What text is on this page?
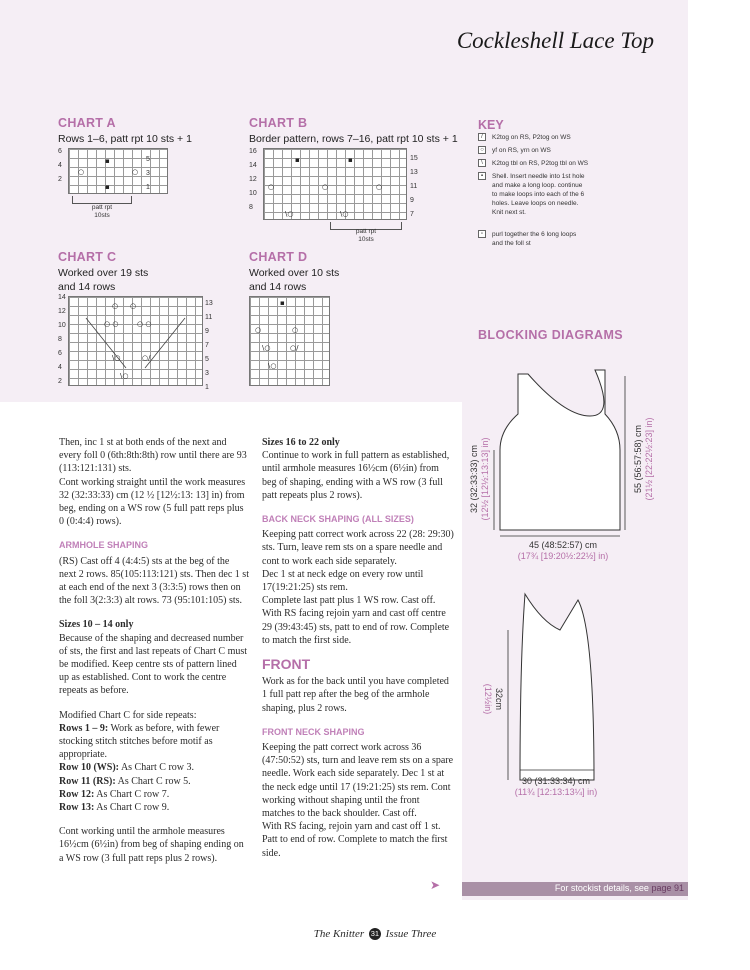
Cockleshell Lace Top
CHART A
Rows 1–6, patt rpt 10 sts + 1
6
4
2
5
3
1
○
▪
▪
○
patt rpt
10sts
CHART B
Border pattern, rows 7–16, patt rpt 10 sts + 1
16
14
12
10
8
15
13
11
9
7
▪	▪
○	○	○
\○	\○
patt rpt
10sts
CHART C
Worked over 19 sts
and 14 rows
14
12
10
8
6
4
2
13
11
9
7
5
3
1
○ ○
○ ○	○ ○
\○	○/
\○
CHART D
Worked over 10 sts
and 14 rows
▪
○	○
\○	○/
\○
KEY
/	K2tog on RS, P2tog on WS
○	yf on RS, yrn on WS
\	K2tog tbl on RS, P2tog tbl on WS
▪	Shell. Insert needle into 1st hole and make a long loop. continue to make loops into each of the 6 holes. Leave loops on needle. Knit next st.
▫	purl together the 6 long loops and the foll st
BLOCKING DIAGRAMS
32 (32:33:33) cm
(12½ [12½:13:13] in)	55 (56:57:58) cm
(21½ [22:22½:23] in)
45 (48:52:57) cm
(17¾ [19:20½:22½] in)
32cm
(12½in)
30 (31:33:34) cm
(11¾ [12:13:13¼] in)

Then, inc 1 st at both ends of the next and every foll 0 (6th:8th:8th) row until there are 93 (113:121:131) sts.

Cont working straight until the work measures 32 (32:33:33) cm (12 ½ [12½:13: 13] in) from beg, ending on a WS row (5 full patt reps plus 0 (0:4:4) rows).

ARMHOLE SHAPING

(RS) Cast off 4 (4:4:5) sts at the beg of the next 2 rows. 85(105:113:121) sts. Then dec 1 st at each end of the next 3 (3:3:5) rows then on the foll 3(2:3:3) alt rows. 73 (95:101:105) sts.

Sizes 10 – 14 only

Because of the shaping and decreased number of sts, the first and last repeats of Chart C must be modified. Keep centre sts of pattern lined up as established. Cont to work the centre repeats as before.

Modified Chart C for side repeats:
Rows 1 – 9: Work as before, with fewer stocking stitch stitches before motif as appropriate.
Row 10 (WS): As Chart C row 3.
Row 11 (RS): As Chart C row 5.
Row 12: As Chart C row 7.

Row 13: As Chart C row 9.

Cont working until the armhole measures 16½cm (6½in) from beg of shaping ending on a WS row (3 full patt reps plus 2 rows).

Sizes 16 to 22 only

Continue to work in full pattern as established, until armhole measures 16½cm (6½in) from beg of shaping, ending with a WS row (3 full patt repeats plus 2 rows).

BACK NECK SHAPING (ALL SIZES)
Keeping patt correct work across 22 (28: 29:30) sts. Turn, leave rem sts on a spare needle and cont to work each side separately.
Dec 1 st at neck edge on every row until 17(19:21:25) sts rem.

Complete last patt plus 1 WS row. Cast off. With RS facing rejoin yarn and cast off centre 29 (39:43:45) sts, patt to end of row. Complete to match the first side.

FRONT

Work as for the back until you have completed 1 full patt rep after the beg of the armhole shaping, plus 2 rows.

FRONT NECK SHAPING
Keeping the patt correct work across 36 (47:50:52) sts, turn and leave rem sts on a spare needle. Work each side separately. Dec 1 st at the neck edge until 17 (19:21:25) sts rem. Cont working without shaping until the front matches to the back shoulder. Cast off.
With RS facing, rejoin yarn and cast off 1 st. Patt to end of row. Complete to match the first side.
➤	For stockist details, see page 91
The Knitter 31 Issue Three
